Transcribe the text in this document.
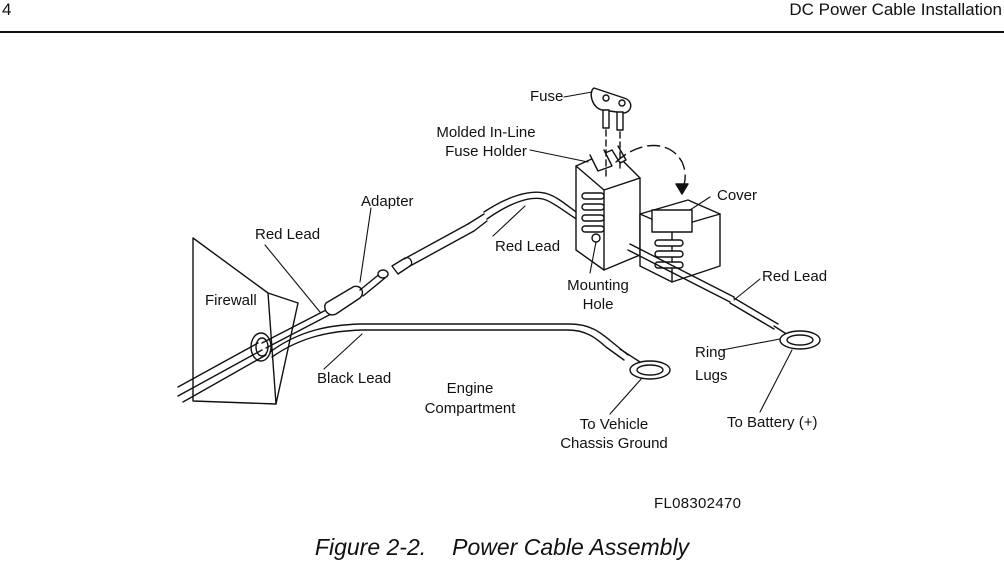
4	DC Power Cable Installation
Fuse
Molded In-Line
Fuse Holder
Adapter	Cover
Red Lead
Red Lead
Red Lead
Firewall
Mounting
Hole
Ring
Lugs
Black Lead
Engine
Compartment
To Vehicle
Chassis Ground
To Battery (+)
FL08302470
Figure 2-2. Power Cable Assembly
